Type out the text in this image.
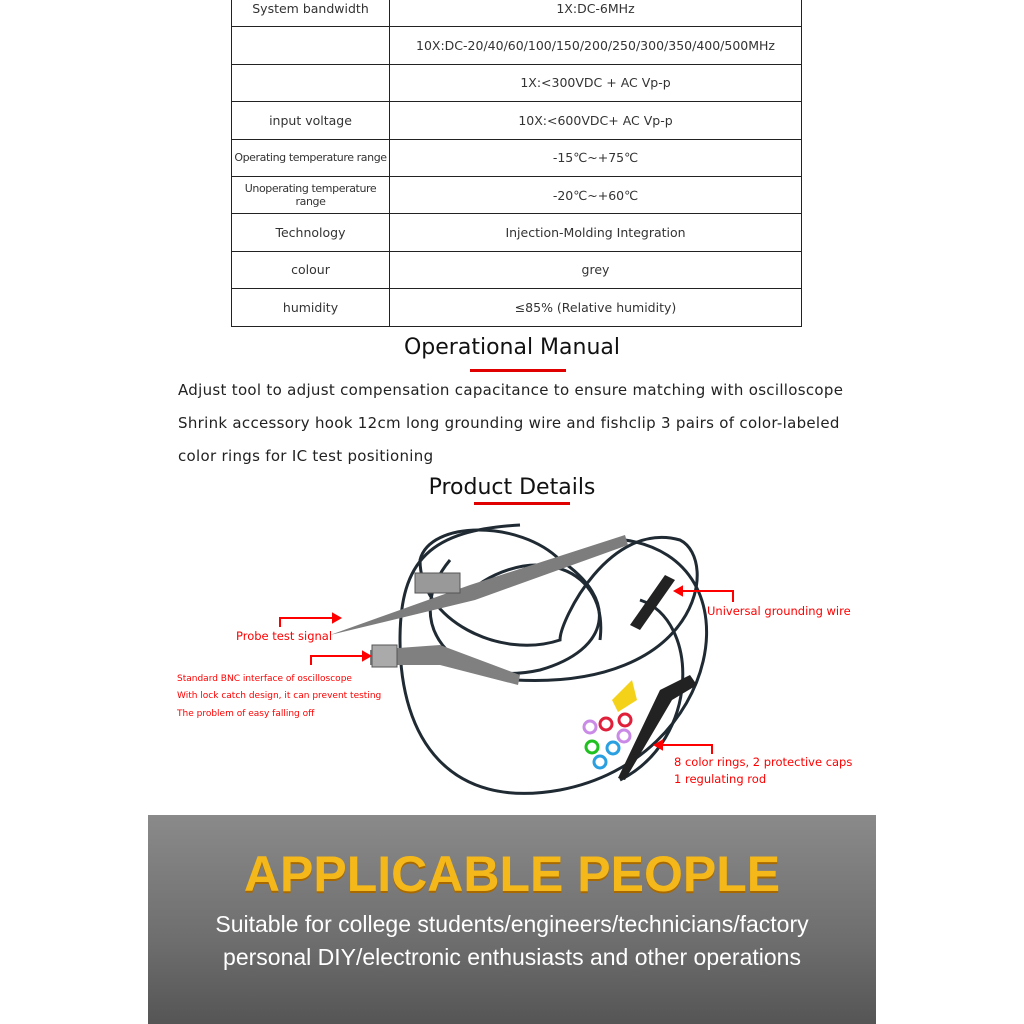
System bandwidth	1X:DC-6MHz
	10X:DC-20/40/60/100/150/200/250/300/350/400/500MHz
	1X:<300VDC + AC Vp-p
input voltage	10X:<600VDC+ AC Vp-p
Operating temperature range	-15℃~+75℃
Unoperating temperature range	-20℃~+60℃
Technology	Injection-Molding Integration
colour	grey
humidity	≤85% (Relative humidity)
Operational Manual
Adjust tool to adjust compensation capacitance to ensure matching with oscilloscope
Shrink accessory hook 12cm long grounding wire and fishclip 3 pairs of color-labeled
color rings for IC test positioning
Product Details
Probe test signal
Universal grounding wire
Standard BNC interface of oscilloscope
With lock catch design, it can prevent testing
The problem of easy falling off
8 color rings, 2 protective caps
1 regulating rod
APPLICABLE PEOPLE
Suitable for college students/engineers/technicians/factory
personal DIY/electronic enthusiasts and other operations
